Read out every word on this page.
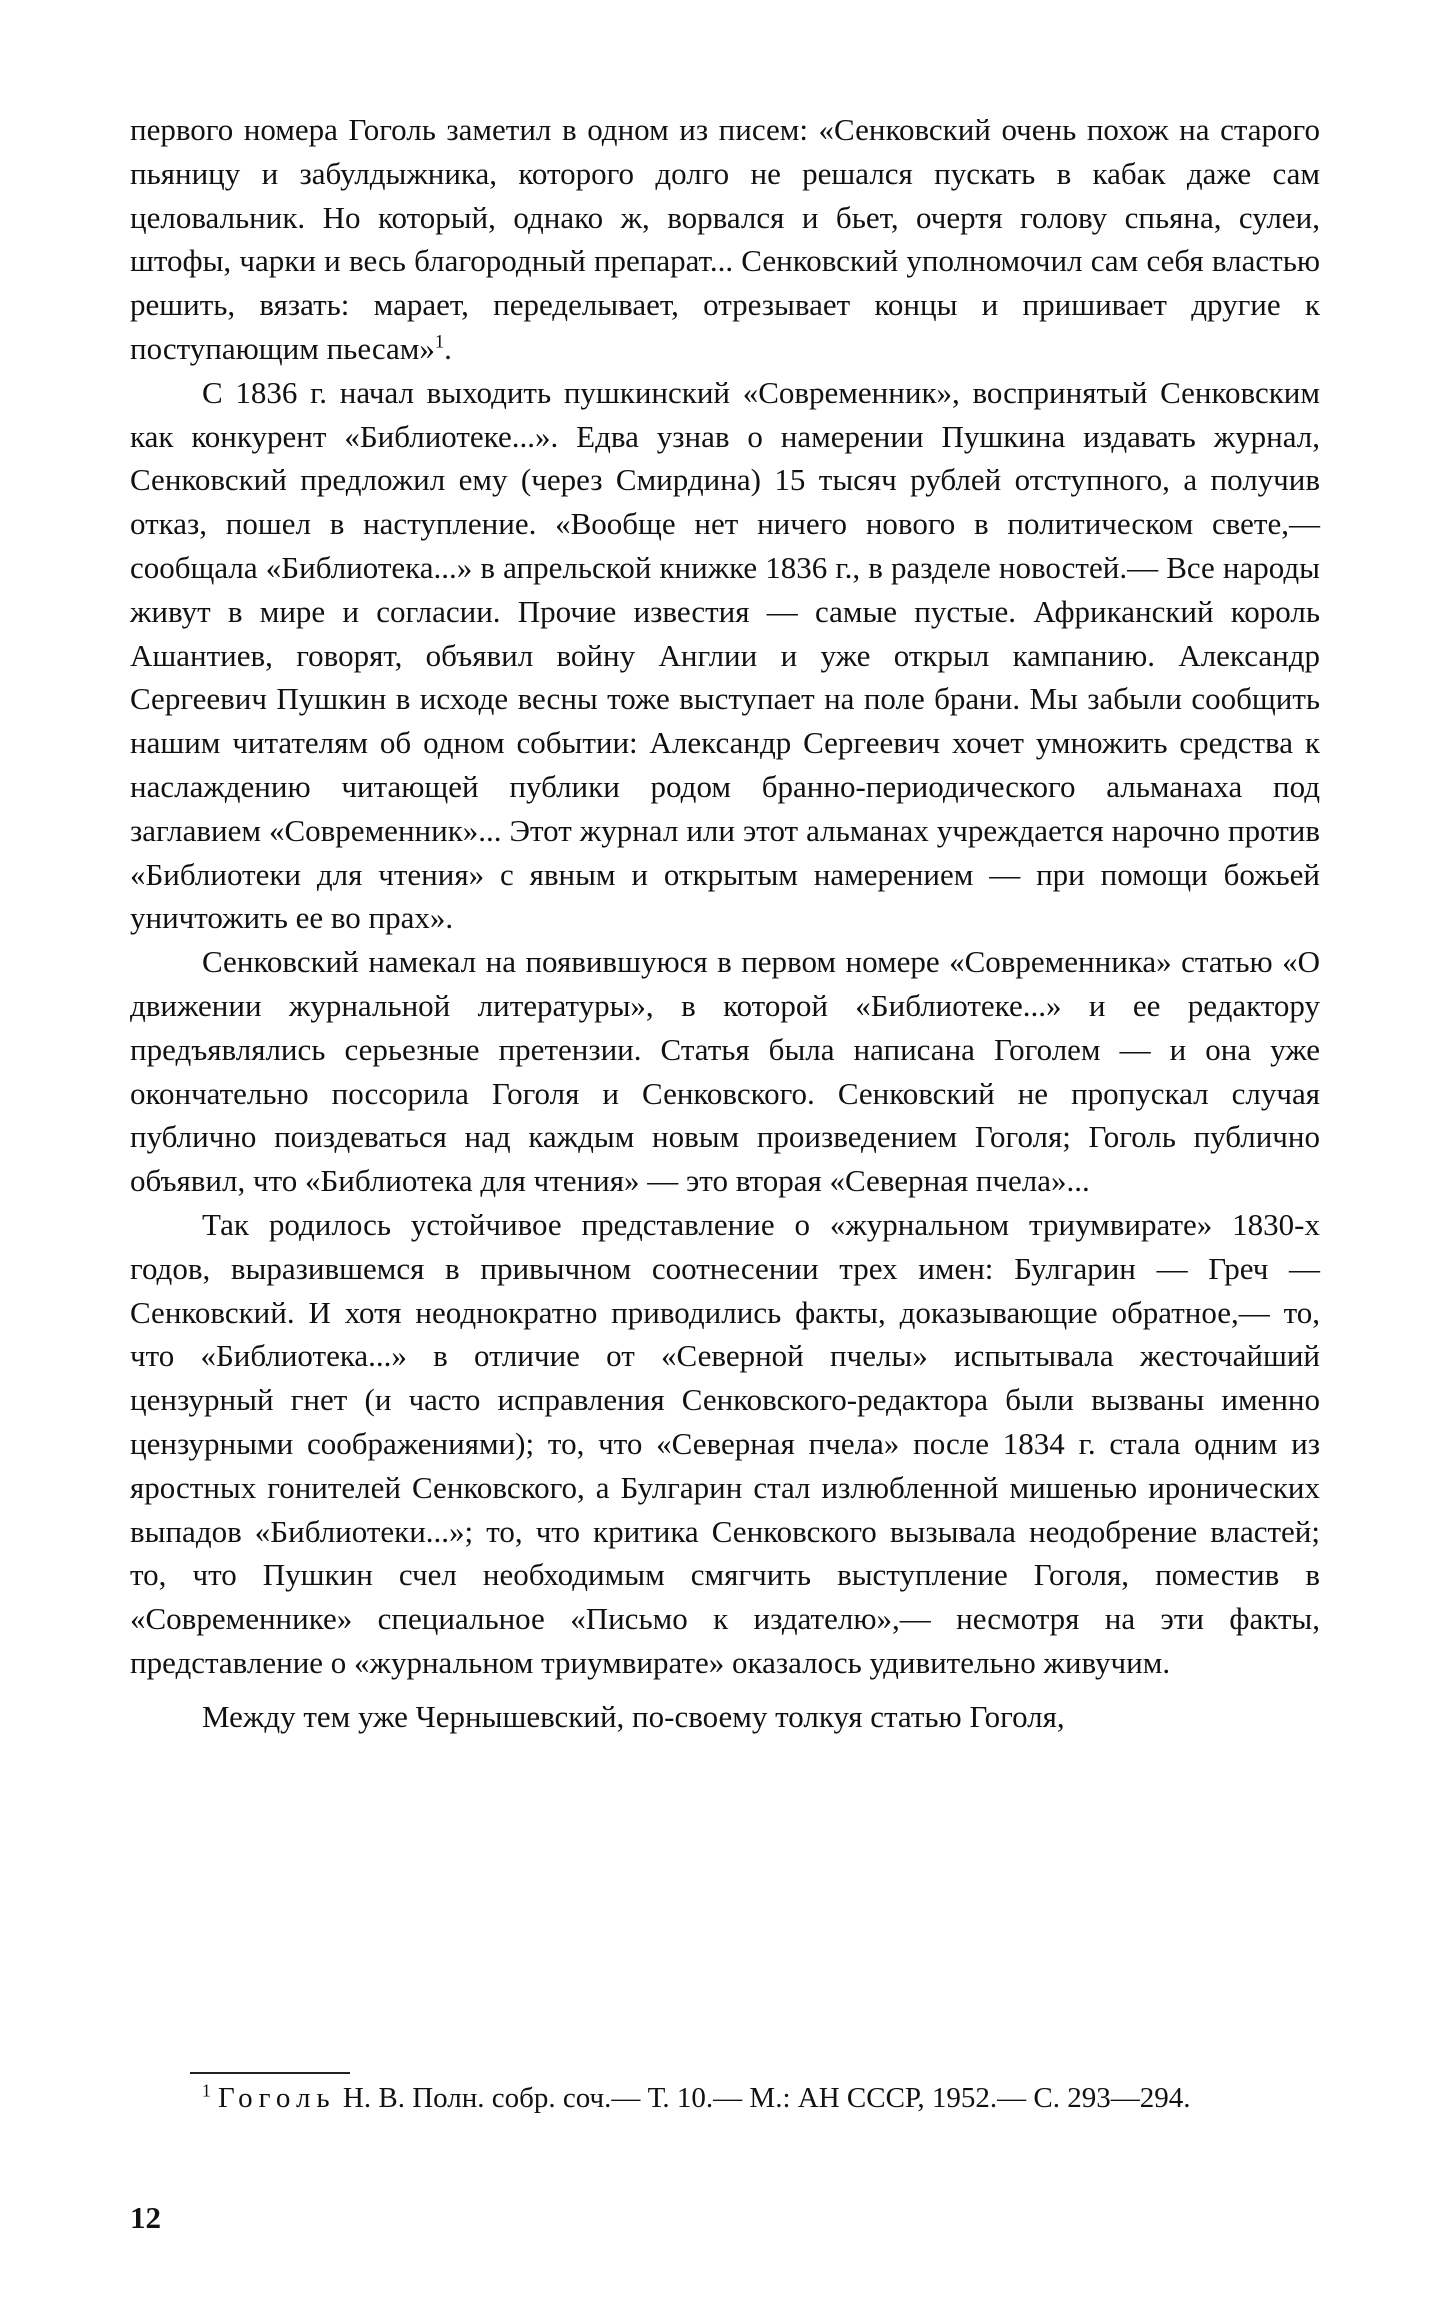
первого номера Гоголь заметил в одном из писем: «Сенковский очень похож на старого пьяницу и забулдыжника, которого долго не решался пускать в кабак даже сам целовальник. Но который, однако ж, ворвался и бьет, очертя голову спьяна, сулеи, штофы, чарки и весь благородный препарат... Сенковский уполномочил сам себя властью решить, вязать: марает, переделывает, отрезывает концы и пришивает другие к поступающим пьесам»$^1$.

С 1836 г. начал выходить пушкинский «Современник», воспринятый Сенковским как конкурент «Библиотеке...». Едва узнав о намерении Пушкина издавать журнал, Сенковский предложил ему (через Смирдина) 15 тысяч рублей отступного, а получив отказ, пошел в наступление. «Вообще нет ничего нового в политическом свете,— сообщала «Библиотека...» в апрельской книжке 1836 г., в разделе новостей.— Все народы живут в мире и согласии. Прочие известия — самые пустые. Африканский король Ашантиев, говорят, объявил войну Англии и уже открыл кампанию. Александр Сергеевич Пушкин в исходе весны тоже выступает на поле брани. Мы забыли сообщить нашим читателям об одном событии: Александр Сергеевич хочет умножить средства к наслаждению читающей публики родом бранно-периодического альманаха под заглавием «Современник»... Этот журнал или этот альманах учреждается нарочно против «Библиотеки для чтения» с явным и открытым намерением — при помощи божьей уничтожить ее во прах».

Сенковский намекал на появившуюся в первом номере «Современника» статью «О движении журнальной литературы», в которой «Библиотеке...» и ее редактору предъявлялись серьезные претензии. Статья была написана Гоголем — и она уже окончательно поссорила Гоголя и Сенковского. Сенковский не пропускал случая публично поиздеваться над каждым новым произведением Гоголя; Гоголь публично объявил, что «Библиотека для чтения» — это вторая «Северная пчела»...

Так родилось устойчивое представление о «журнальном триумвирате» 1830-х годов, выразившемся в привычном соотнесении трех имен: Булгарин — Греч — Сенковский. И хотя неоднократно приводились факты, доказывающие обратное,— то, что «Библиотека...» в отличие от «Северной пчелы» испытывала жесточайший цензурный гнет (и часто исправления Сенковского-редактора были вызваны именно цензурными соображениями); то, что «Северная пчела» после 1834 г. стала одним из яростных гонителей Сенковского, а Булгарин стал излюбленной мишенью иронических выпадов «Библиотеки...»; то, что критика Сенковского вызывала неодобрение властей; то, что Пушкин счел необходимым смягчить выступление Гоголя, поместив в «Современнике» специальное «Письмо к издателю»,— несмотря на эти факты, представление о «журнальном триумвирате» оказалось удивительно живучим.

Между тем уже Чернышевский, по-своему толкуя статью Гоголя,

$^1$ Гоголь Н. В. Полн. собр. соч.— Т. 10.— М.: АН СССР, 1952.— С. 293—294.

12
